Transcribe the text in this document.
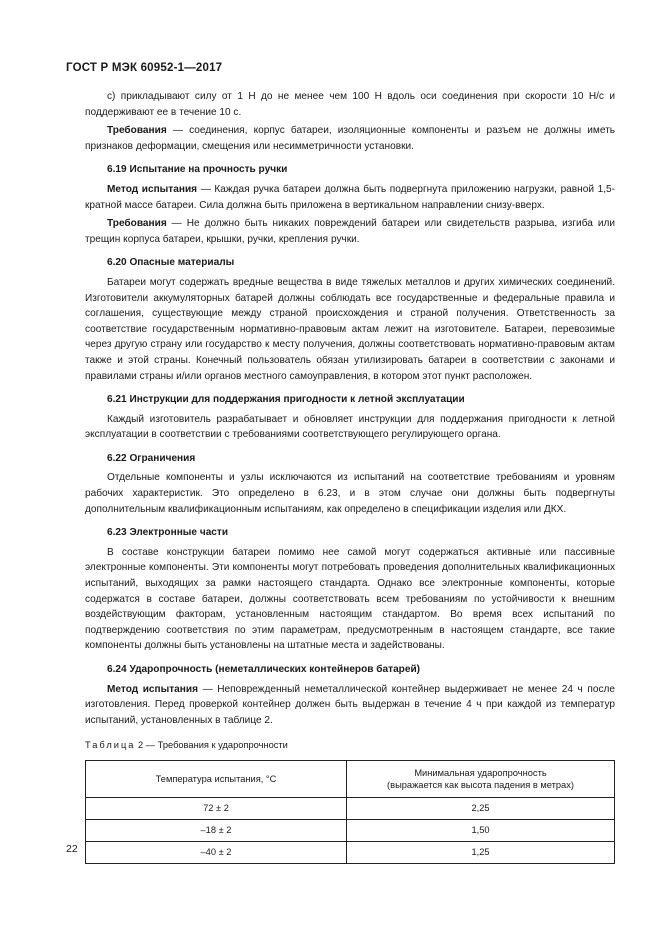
ГОСТ Р МЭК 60952-1—2017

с) прикладывают силу от 1 Н до не менее чем 100 Н вдоль оси соединения при скорости 10 Н/с и поддерживают ее в течение 10 с.

Требования — соединения, корпус батареи, изоляционные компоненты и разъем не должны иметь признаков деформации, смещения или несимметричности установки.

6.19 Испытание на прочность ручки

Метод испытания — Каждая ручка батареи должна быть подвергнута приложению нагрузки, равной 1,5-кратной массе батареи. Сила должна быть приложена в вертикальном направлении снизу-вверх.

Требования — Не должно быть никаких повреждений батареи или свидетельств разрыва, изгиба или трещин корпуса батареи, крышки, ручки, крепления ручки.

6.20 Опасные материалы

Батареи могут содержать вредные вещества в виде тяжелых металлов и других химических соединений. Изготовители аккумуляторных батарей должны соблюдать все государственные и федеральные правила и соглашения, существующие между страной происхождения и страной получения. Ответственность за соответствие государственным нормативно-правовым актам лежит на изготовителе. Батареи, перевозимые через другую страну или государство к месту получения, должны соответствовать нормативно-правовым актам также и этой страны. Конечный пользователь обязан утилизировать батареи в соответствии с законами и правилами страны и/или органов местного самоуправления, в котором этот пункт расположен.

6.21 Инструкции для поддержания пригодности к летной эксплуатации

Каждый изготовитель разрабатывает и обновляет инструкции для поддержания пригодности к летной эксплуатации в соответствии с требованиями соответствующего регулирующего органа.

6.22 Ограничения

Отдельные компоненты и узлы исключаются из испытаний на соответствие требованиям и уровням рабочих характеристик. Это определено в 6.23, и в этом случае они должны быть подвергнуты дополнительным квалификационным испытаниям, как определено в спецификации изделия или ДКХ.

6.23 Электронные части

В составе конструкции батареи помимо нее самой могут содержаться активные или пассивные электронные компоненты. Эти компоненты могут потребовать проведения дополнительных квалификационных испытаний, выходящих за рамки настоящего стандарта. Однако все электронные компоненты, которые содержатся в составе батареи, должны соответствовать всем требованиям по устойчивости к внешним воздействующим факторам, установленным настоящим стандартом. Во время всех испытаний по подтверждению соответствия по этим параметрам, предусмотренным в настоящем стандарте, все такие компоненты должны быть установлены на штатные места и задействованы.

6.24 Ударопрочность (неметаллических контейнеров батарей)

Метод испытания — Неповрежденный неметаллической контейнер выдерживает не менее 24 ч после изготовления. Перед проверкой контейнер должен быть выдержан в течение 4 ч при каждой из температур испытаний, установленных в таблице 2.

Таблица 2 — Требования к ударопрочности
Температура испытания, °С	Минимальная ударопрочность
(выражается как высота падения в метрах)
72 ± 2	2,25
–18 ± 2	1,50
–40 ± 2	1,25
22
